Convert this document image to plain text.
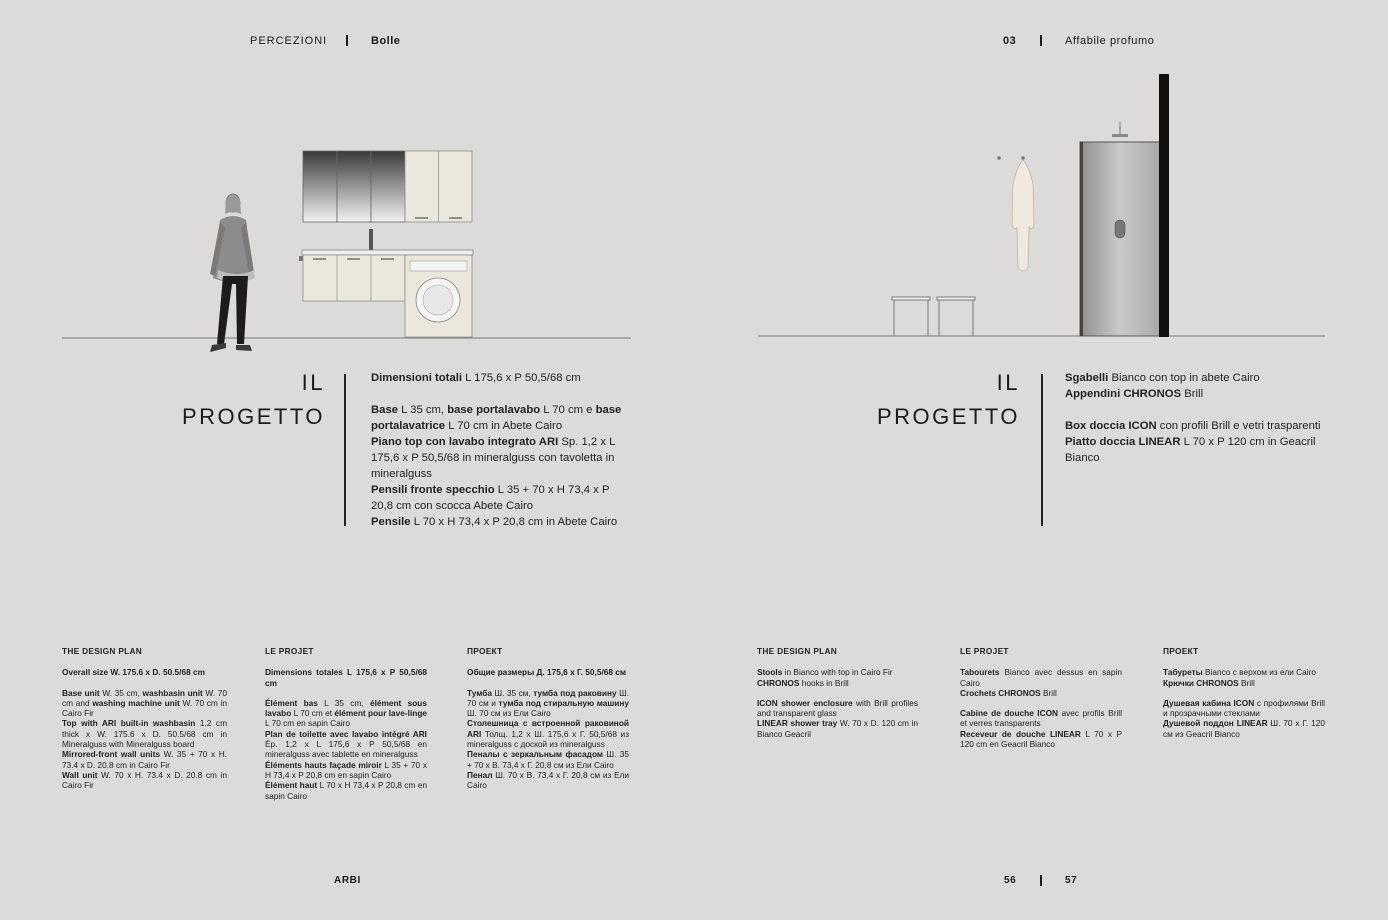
PERCEZIONI	Bolle	03	Affabile profumo
IL
PROGETTO

Dimensioni totali L 175,6 x P 50,5/68 cm

Base L 35 cm, base portalavabo L 70 cm e base portalavatrice L 70 cm in Abete Cairo

Piano top con lavabo integrato ARI Sp. 1,2 x L 175,6 x P 50,5/68 in mineralguss con tavoletta in mineralguss

Pensili fronte specchio L 35 + 70 x H 73,4 x P 20,8 cm con scocca Abete Cairo

Pensile L 70 x H 73,4 x P 20,8 cm in Abete Cairo

IL
PROGETTO

Sgabelli Bianco con top in abete Cairo

Appendini CHRONOS Brill

Box doccia ICON con profili Brill e vetri trasparenti

Piatto doccia LINEAR L 70 x P 120 cm in Geacril Bianco

THE DESIGN PLAN

Overall size W. 175.6 x D. 50.5/68 cm

Base unit W. 35 cm, washbasin unit W. 70 cm and washing machine unit W. 70 cm in Cairo Fir

Top with ARI built-in washbasin 1.2 cm thick x W. 175.6 x D. 50.5/68 cm in Mineralguss with Mineralguss board

Mirrored-front wall units W. 35 + 70 x H. 73.4 x D. 20.8 cm in Cairo Fir

Wall unit W. 70 x H. 73.4 x D. 20.8 cm in Cairo Fir

LE PROJET

Dimensions totales L 175,6 x P 50,5/68 cm

Élément bas L 35 cm, élément sous lavabo L 70 cm et élément pour lave-linge L 70 cm en sapin Cairo

Plan de toilette avec lavabo intégré ARI Ép. 1,2 x L 175,6 x P 50,5/68 en mineralguss avec tablette en mineralguss

Éléments hauts façade miroir L 35 + 70 x H 73,4 x P 20,8 cm en sapin Cairo

Élément haut L 70 x H 73,4 x P 20,8 cm en sapin Cairo

ПРОЕКТ

Общие размеры Д. 175,6 x Г. 50,5/68 см

Тумба Ш. 35 см, тумба под раковину Ш. 70 см и тумба под стиральную машину Ш. 70 см из Ели Cairo

Столешница с встроенной раковиной ARI Толщ. 1,2 x Ш. 175,6 x Г. 50,5/68 из mineralguss с доской из mineralguss

Пеналы с зеркальным фасадом Ш. 35 + 70 x В. 73,4 x Г. 20,8 см из Ели Cairo

Пенал Ш. 70 x В. 73,4 x Г. 20,8 см из Ели Cairo

THE DESIGN PLAN

Stools in Bianco with top in Cairo Fir

CHRONOS hooks in Brill

ICON shower enclosure with Brill profiles and transparent glass

LINEAR shower tray W. 70 x D. 120 cm in Bianco Geacril

LE PROJET

Tabourets Bianco avec dessus en sapin Cairo

Crochets CHRONOS Brill

Cabine de douche ICON avec profils Brill et verres transparents

Receveur de douche LINEAR L 70 x P 120 cm en Geacril Bianco

ПРОЕКТ

Табуреты Bianco с верхом из ели Cairo

Крючки CHRONOS Brill

Душевая кабина ICON с профилями Brill и прозрачными стеклами

Душевой поддон LINEAR Ш. 70 x Г. 120 см из Geacril Bianco

ARBI	56	57
